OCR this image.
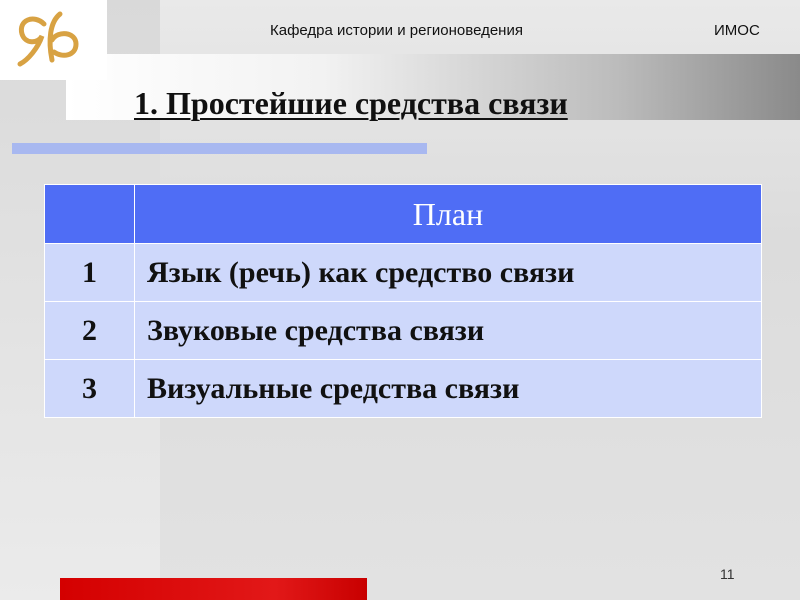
Кафедра истории и регионоведения	ИМОС
1. Простейшие средства связи
	План
1	Язык (речь) как средство связи
2	Звуковые средства связи
3	Визуальные средства связи
11
